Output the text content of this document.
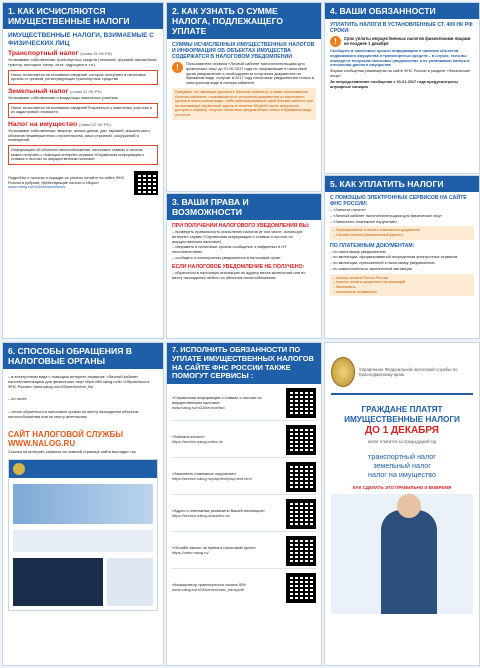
1. КАК ИСЧИСЛЯЮТСЯ ИМУЩЕСТВЕННЫЕ НАЛОГИ
ИМУЩЕСТВЕННЫЕ НАЛОГИ, ВЗИМАЕМЫЕ С ФИЗИЧЕСКИХ ЛИЦ
Транспортный налог (глава 28 НК РФ)
Уплачивают собственники транспортных средств (легковой, грузовой автомобили, трактор, мотоцикл, катер, яхта, гидроцикл и т.п.)
Налог исчисляется на основании сведений, которые поступают в налоговые органы от органов, регистрирующих транспортные средства
Земельный налог (глава 31 НК РФ)
Уплачивают собственники и владельцы земельных участков
Налог исчисляется на основании сведений Росреестра о земельных участках и их кадастровой стоимости
Налог на имущество (глава 32 НК РФ)
Уплачивают собственники: квартир, жилых домов, дач, гаражей, машино-мест, объектов незавершенного строительства, иных строений, сооружений и помещений
Информацию об объектах налогообложения, налоговых ставках и льготах можно получить с помощью интернет-сервиса «Справочная информация о ставках и льготах по имущественным налогам»
Подробно о налогах и порядке их уплаты читайте на сайте ФНС России в рубрике «Действующие налоги и сборы»
www.nalog.ru/rn23/taxation/taxes
2. КАК УЗНАТЬ О СУММЕ НАЛОГА, ПОДЛЕЖАЩЕГО УПЛАТЕ
СУММЫ ИСЧИСЛЕННЫХ ИМУЩЕСТВЕННЫХ НАЛОГОВ И ИНФОРМАЦИЯ ОБ ОБЪЕКТАХ ИМУЩЕСТВА СОДЕРЖАТСЯ В НАЛОГОВОМ УВЕДОМЛЕНИИ
!	Пользователи сервиса «Личный кабинет налогоплательщика для физических лиц» до 01.06.2017 года не направившие в налоговый орган уведомление о необходимости получения документов на бумажном виде, получат в 2017 году налоговые уведомления только в электронном виде в личном кабинете
Граждане, не имеющие доступа к Личному кабинету, а также пользователи Личного кабинета, отказавшиеся от получения документов от налогового органа в электронном виде, либо заблокировавшие свой Личный кабинет или не сменившие первичный пароль в течение 30 дней после получения доступа к сервису, получат налоговые уведомления только в бумажном виде по почте.
3. ВАШИ ПРАВА И ВОЗМОЖНОСТИ
ПРИ ПОЛУЧЕНИИ НАЛОГОВОГО УВЕДОМЛЕНИЯ ВЫ:
– проверить правильность исчисления налогов (в том числе, используя интернет-сервис «Справочная информация о ставках и льготах по имущественным налогам»)
– направить в налоговые органы сообщение о найденных в НУ несоответствиях
– сообщить о неполучении уведомления в налоговый орган
ЕСЛИ НАЛОГОВОЕ УВЕДОМЛЕНИЕ НЕ ПОЛУЧЕНО:
– обратиться в налоговую инспекцию по адресу места жительства или по месту нахождения любого из объектов налогообложения
4. ВАШИ ОБЯЗАННОСТИ
УПЛАТИТЬ НАЛОГИ В УСТАНОВЛЕННЫЕ СТ. 409 НК РФ СРОКИ:
!	Срок уплаты имущественных налогов физическими лицами не позднее 1 декабря
Сообщить в налоговые органы информацию о наличии объектов недвижимого имущества и транспортных средств – в случае, если вы никогда не получали налоговое уведомление и не уплачивали налоги в отношении данного имущества
Формы сообщения размещены на сайте ФНС России в разделе «Физические лица»
За непредставление сообщения с 01.01.2017 года предусмотрены штрафные санкции
5. КАК УПЛАТИТЬ НАЛОГИ
С ПОМОЩЬЮ ЭЛЕКТРОННЫХ СЕРВИСОВ НА САЙТЕ ФНС РОССИИ:
– «Заплати налоги»
– «Личный кабинет налогоплательщика для физических лиц»
– «Заполнить платежное поручение»
– Формирование и печать платежного документа
– Онлайн оплата (безналичный расчет)
ПО ПЛАТЕЖНЫМ ДОКУМЕНТАМ:
– по налоговому уведомлению
– по квитанции, сформированной посредством электронных сервисов
– по квитанции, приложенной к налоговому уведомлению
– по самостоятельно заполненной квитанции
– пункты оплаты Почты России
– пункты оплаты кредитных организаций
– банкоматы
– платежные терминалы
6. СПОСОБЫ ОБРАЩЕНИЯ В НАЛОГОВЫЕ ОРГАНЫ
– в электронном виде с помощью интернет-сервисов: «Личный кабинет налогоплательщика для физических лиц» https://lkfl.nalog.ru/lk/ «Обратиться в ФНС России» www.nalog.ru/rn23/service/obr_fts/
– по почте
– лично обратиться в налоговые органы по месту нахождения объектов налогообложения или по месту жительства
САЙТ НАЛОГОВОЙ СЛУЖБЫ WWW.NALOG.RU
Ссылка на интернет-сервисы на главной странице сайта выглядит так
7. ИСПОЛНИТЬ ОБЯЗАННОСТИ ПО УПЛАТЕ ИМУЩЕСТВЕННЫХ НАЛОГОВ НА САЙТЕ ФНС РОССИИ ТАКЖЕ ПОМОГУТ СЕРВИСЫ :
«Справочная информация о ставках и льготах по имущественным налогам»
www.nalog.ru/rn23/service/tax/
«Заплати налоги»
https://service.nalog.ru/tax.do
«Заполнить платежное поручение»
https://service.nalog.ru/payment/payment.html
«Адрес и платежные реквизиты Вашей инспекции»
https://service.nalog.ru/addrno.do
«Онлайн запись на прием в налоговый орган»
https://order.nalog.ru/
«Калькулятор транспортного налога ФЛ»
www.nalog.ru/rn23/service/calc_transport/
Управление Федеральной налоговой службы по Краснодарскому краю
ГРАЖДАНЕ ПЛАТЯТ ИМУЩЕСТВЕННЫЕ НАЛОГИ
ДО 1 ДЕКАБРЯ
налог платится за предыдущий год
транспортный налог
земельный налог
налог на имущество
КАК СДЕЛАТЬ ЭТО ПРАВИЛЬНО И ВОВРЕМЯ
